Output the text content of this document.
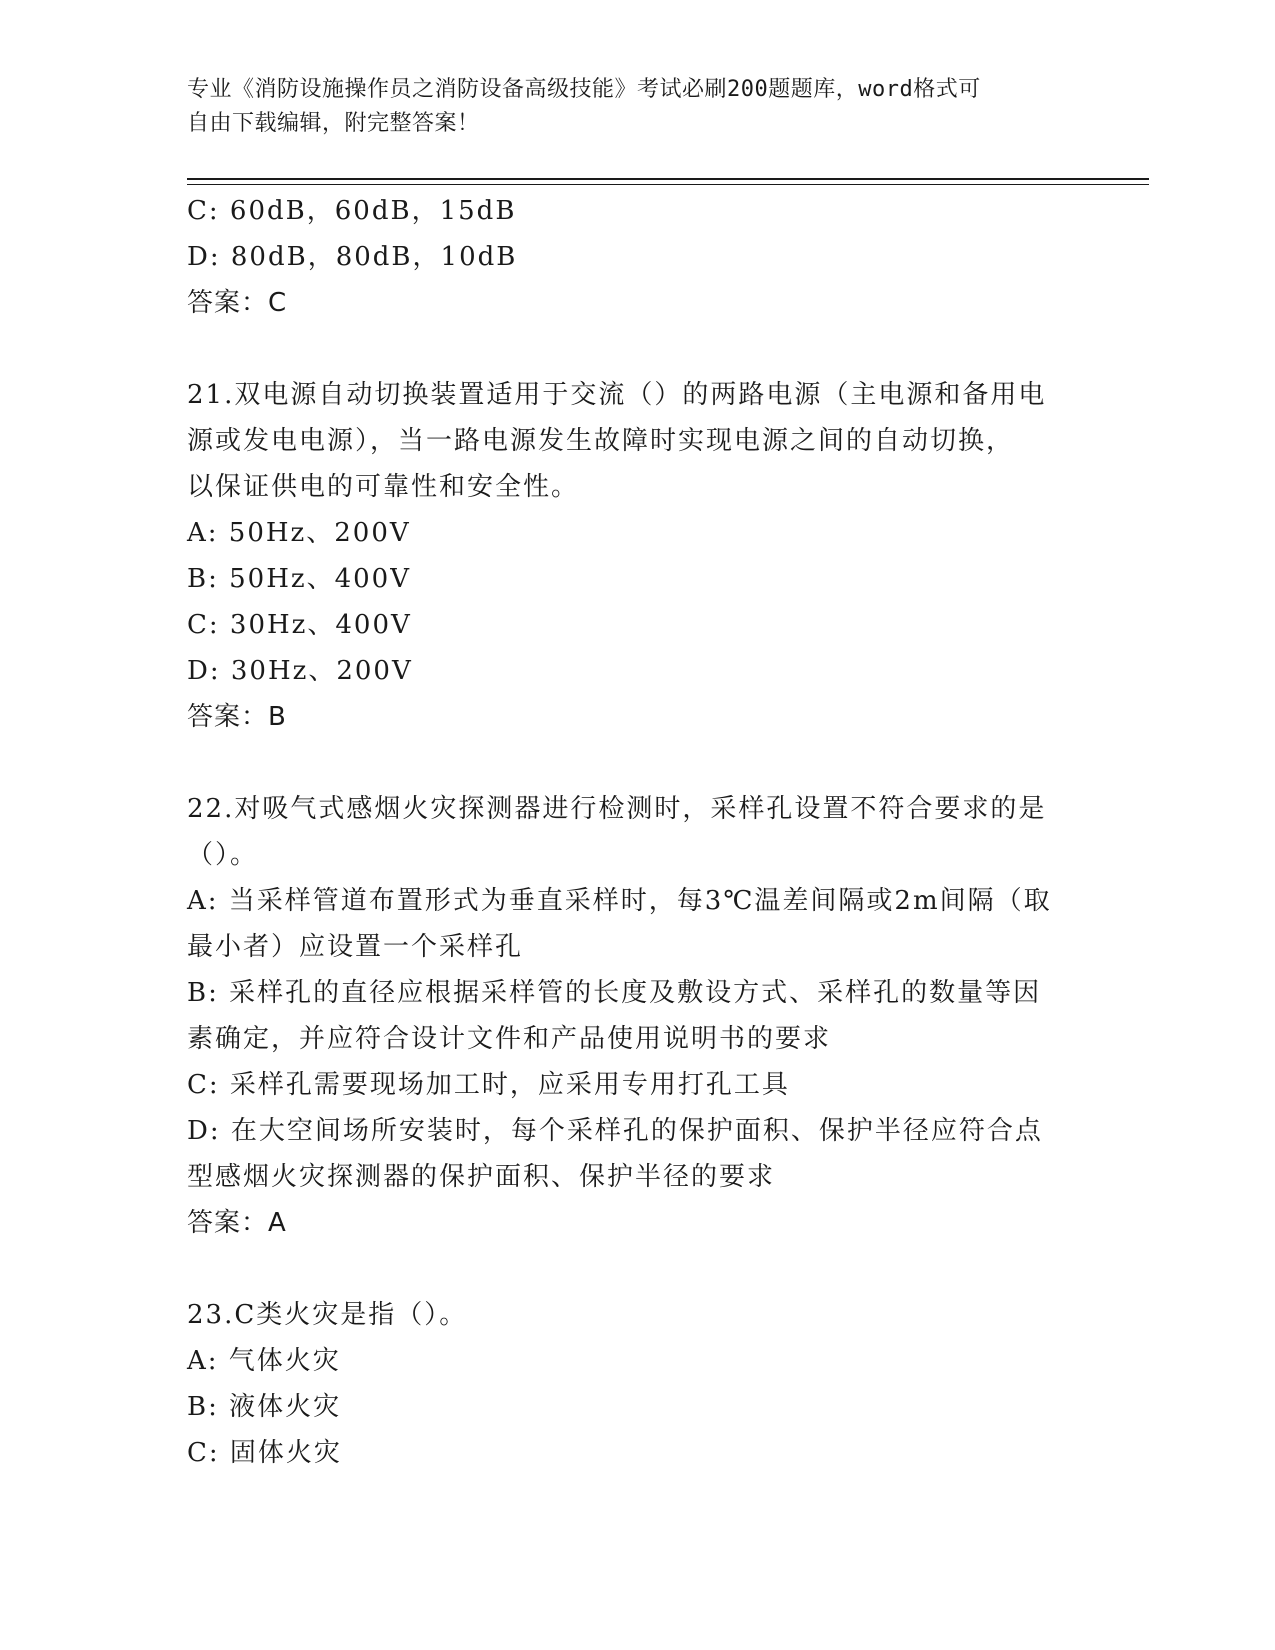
专业《消防设施操作员之消防设备高级技能》考试必刷200题题库，word格式可
自由下载编辑，附完整答案！
C: 60dB，60dB，15dB
D: 80dB，80dB，10dB
答案：C
21.双电源自动切换装置适用于交流（）的两路电源（主电源和备用电
源或发电电源），当一路电源发生故障时实现电源之间的自动切换，
以保证供电的可靠性和安全性。
A: 50Hz、200V
B: 50Hz、400V
C: 30Hz、400V
D: 30Hz、200V
答案：B
22.对吸气式感烟火灾探测器进行检测时，采样孔设置不符合要求的是
（）。
A: 当采样管道布置形式为垂直采样时，每3℃温差间隔或2m间隔（取
最小者）应设置一个采样孔
B: 采样孔的直径应根据采样管的长度及敷设方式、采样孔的数量等因
素确定，并应符合设计文件和产品使用说明书的要求
C: 采样孔需要现场加工时，应采用专用打孔工具
D: 在大空间场所安装时，每个采样孔的保护面积、保护半径应符合点
型感烟火灾探测器的保护面积、保护半径的要求
答案：A
23.C类火灾是指（）。
A: 气体火灾
B: 液体火灾
C: 固体火灾
